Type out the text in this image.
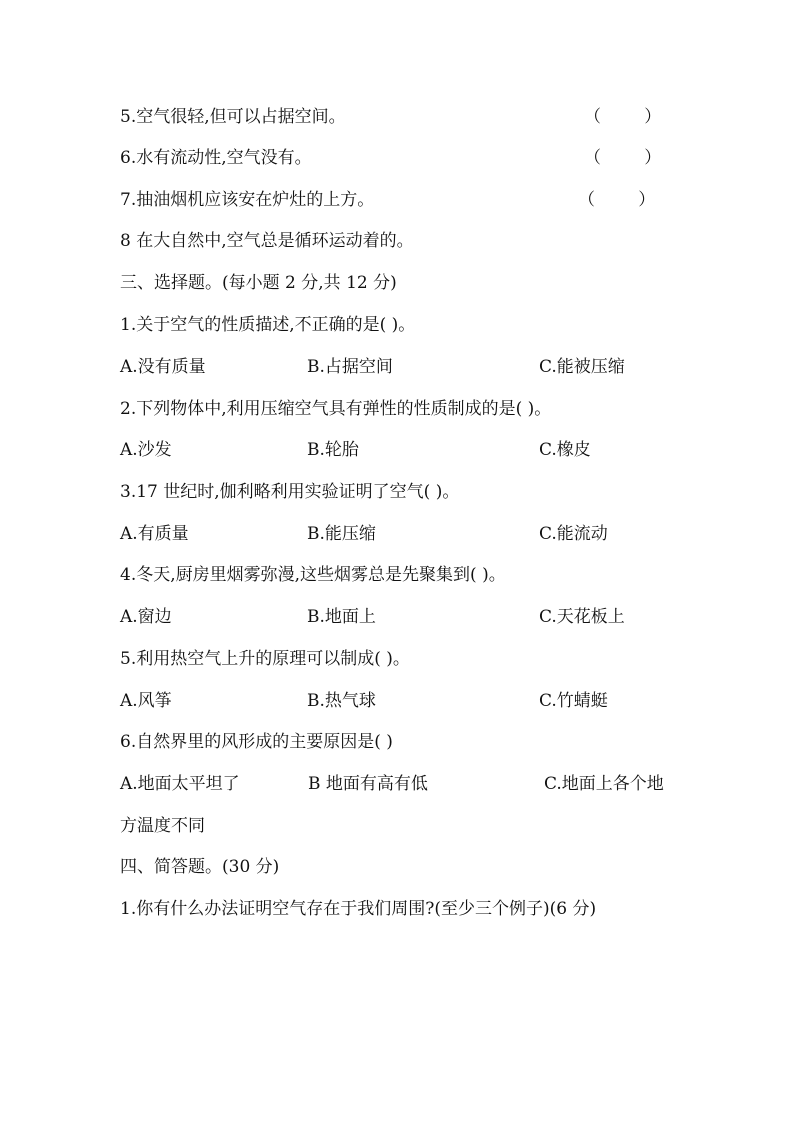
5.空气很轻,但可以占据空间。	（        ）
6.水有流动性,空气没有。	（        ）
7.抽油烟机应该安在炉灶的上方。	（        ）
8 在大自然中,空气总是循环运动着的。
三、选择题。(每小题 2 分,共 12 分)
1.关于空气的性质描述,不正确的是( )。
A.没有质量	B.占据空间	C.能被压缩
2.下列物体中,利用压缩空气具有弹性的性质制成的是( )。
A.沙发	B.轮胎	C.橡皮
3.17 世纪时,伽利略利用实验证明了空气( )。
A.有质量	B.能压缩	C.能流动
4.冬天,厨房里烟雾弥漫,这些烟雾总是先聚集到( )。
A.窗边	B.地面上	C.天花板上
5.利用热空气上升的原理可以制成( )。
A.风筝	B.热气球	C.竹蜻蜓
6.自然界里的风形成的主要原因是( )
A.地面太平坦了	B 地面有高有低	C.地面上各个地
方温度不同
四、简答题。(30 分)
1.你有什么办法证明空气存在于我们周围?(至少三个例子)(6 分)
